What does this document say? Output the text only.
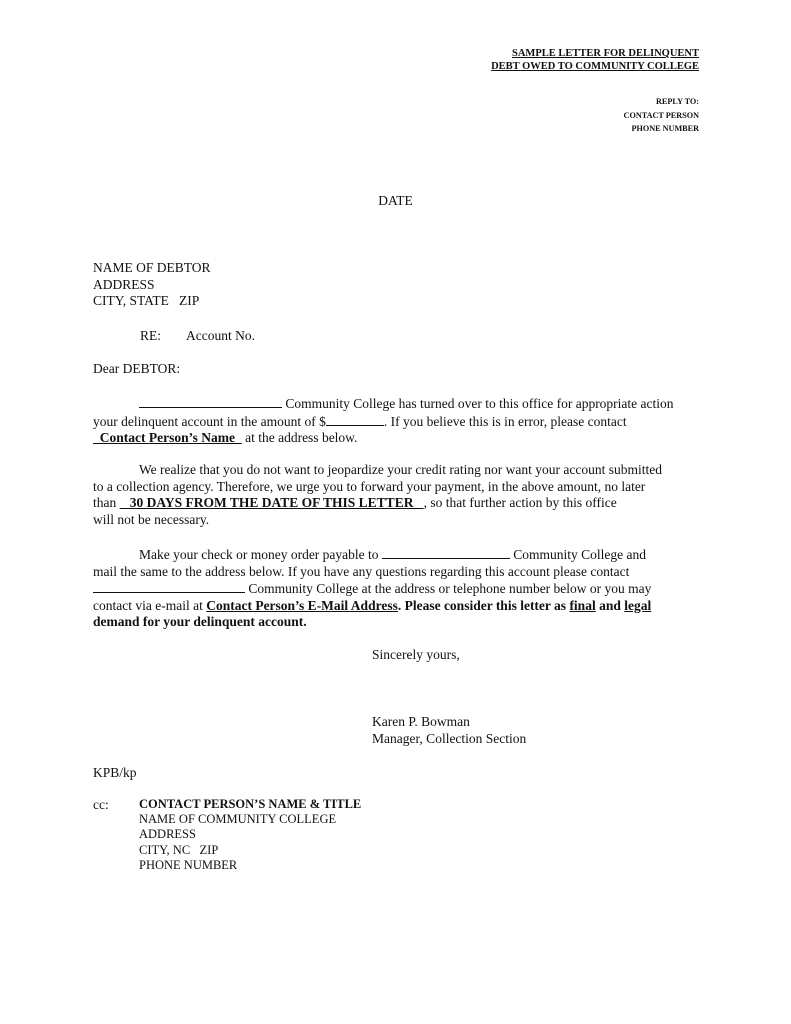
SAMPLE LETTER FOR DELINQUENT
DEBT OWED TO COMMUNITY COLLEGE
REPLY TO:
CONTACT PERSON
PHONE NUMBER
DATE
NAME OF DEBTOR
ADDRESS
CITY, STATE   ZIP
RE: Account No.
Dear DEBTOR:
Community College has turned over to this office for appropriate action
your delinquent account in the amount of $	. If you believe this is in error, please contact
Contact Person’s Name   at the address below.
We realize that you do not want to jeopardize your credit rating nor want your account submitted
to a collection agency. Therefore, we urge you to forward your payment, in the above amount, no later
than    30 DAYS FROM THE DATE OF THIS LETTER   , so that further action by this office
will not be necessary.
Make your check or money order payable to	Community College and
mail the same to the address below. If you have any questions regarding this account please contact
Community College at the address or telephone number below or you may
contact via e-mail at Contact Person’s E-Mail Address. Please consider this letter as final and legal
demand for your delinquent account.
Sincerely yours,
Karen P. Bowman
Manager, Collection Section
KPB/kp
cc: CONTACT PERSON’S NAME & TITLE
NAME OF COMMUNITY COLLEGE
ADDRESS
CITY, NC   ZIP
PHONE NUMBER
